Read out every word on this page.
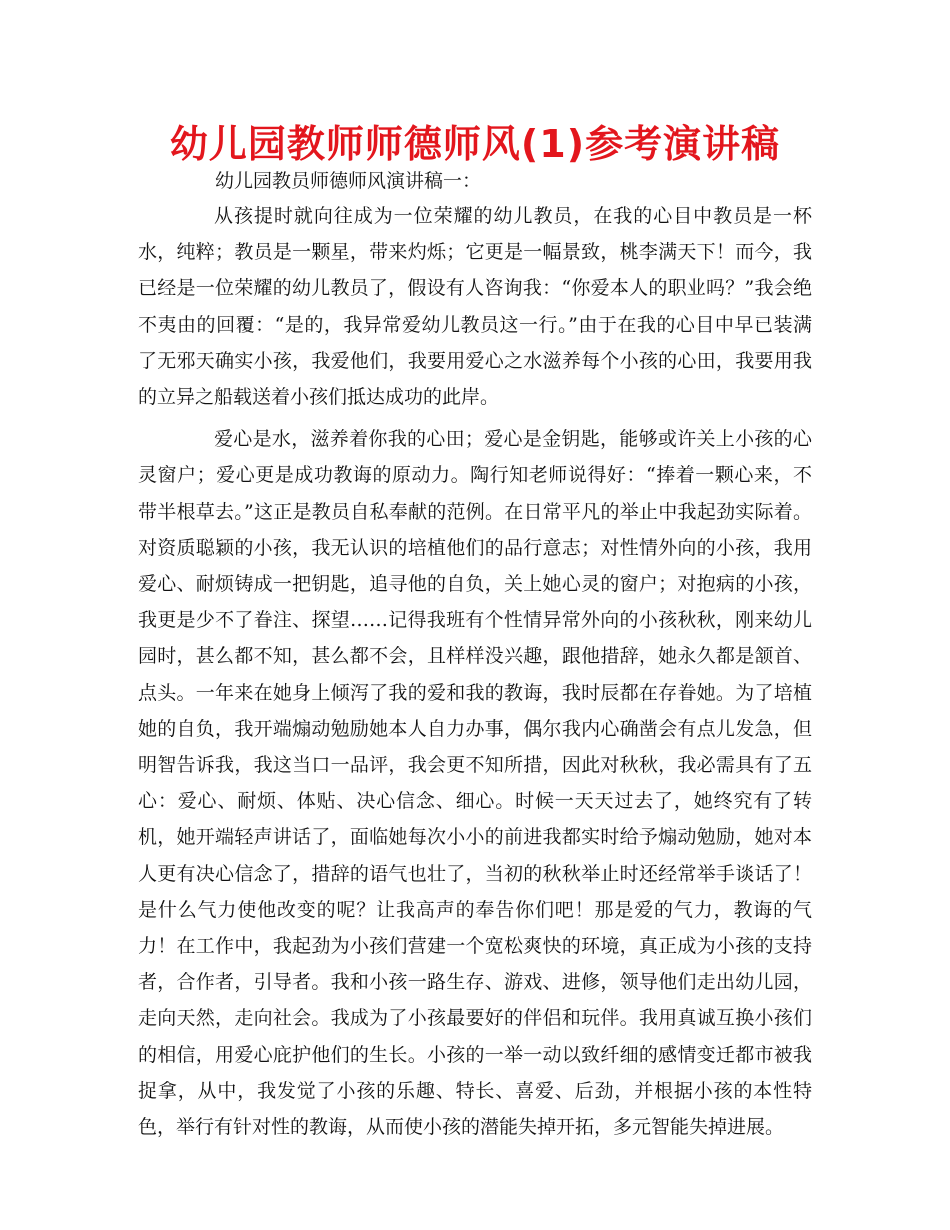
幼儿园教师师德师风(1)参考演讲稿

幼儿园教员师德师风演讲稿一：

从孩提时就向往成为一位荣耀的幼儿教员，在我的心目中教员是一杯水，纯粹；教员是一颗星，带来灼烁；它更是一幅景致，桃李满天下！而今，我已经是一位荣耀的幼儿教员了，假设有人咨询我：“你爱本人的职业吗？”我会绝不夷由的回覆：“是的，我异常爱幼儿教员这一行。”由于在我的心目中早已装满了无邪天确实小孩，我爱他们，我要用爱心之水滋养每个小孩的心田，我要用我的立异之船载送着小孩们抵达成功的此岸。

爱心是水，滋养着你我的心田；爱心是金钥匙，能够或许关上小孩的心灵窗户；爱心更是成功教诲的原动力。陶行知老师说得好：“捧着一颗心来，不带半根草去。”这正是教员自私奉献的范例。在日常平凡的举止中我起劲实际着。对资质聪颖的小孩，我无认识的培植他们的品行意志；对性情外向的小孩，我用爱心、耐烦铸成一把钥匙，追寻他的自负，关上她心灵的窗户；对抱病的小孩，我更是少不了眷注、探望……记得我班有个性情异常外向的小孩秋秋，刚来幼儿园时，甚么都不知，甚么都不会，且样样没兴趣，跟他措辞，她永久都是颔首、点头。一年来在她身上倾泻了我的爱和我的教诲，我时辰都在存眷她。为了培植她的自负，我开端煽动勉励她本人自力办事，偶尔我内心确凿会有点儿发急，但明智告诉我，我这当口一品评，我会更不知所措，因此对秋秋，我必需具有了五心：爱心、耐烦、体贴、决心信念、细心。时候一天天过去了，她终究有了转机，她开端轻声讲话了，面临她每次小小的前进我都实时给予煽动勉励，她对本人更有决心信念了，措辞的语气也壮了，当初的秋秋举止时还经常举手谈话了！是什么气力使他改变的呢？让我高声的奉告你们吧！那是爱的气力，教诲的气力！在工作中，我起劲为小孩们营建一个宽松爽快的环境，真正成为小孩的支持者，合作者，引导者。我和小孩一路生存、游戏、进修，领导他们走出幼儿园，走向天然，走向社会。我成为了小孩最要好的伴侣和玩伴。我用真诚互换小孩们的相信，用爱心庇护他们的生长。小孩的一举一动以致纤细的感情变迁都市被我捉拿，从中，我发觉了小孩的乐趣、特长、喜爱、后劲，并根据小孩的本性特色，举行有针对性的教诲，从而使小孩的潜能失掉开拓，多元智能失掉进展。
